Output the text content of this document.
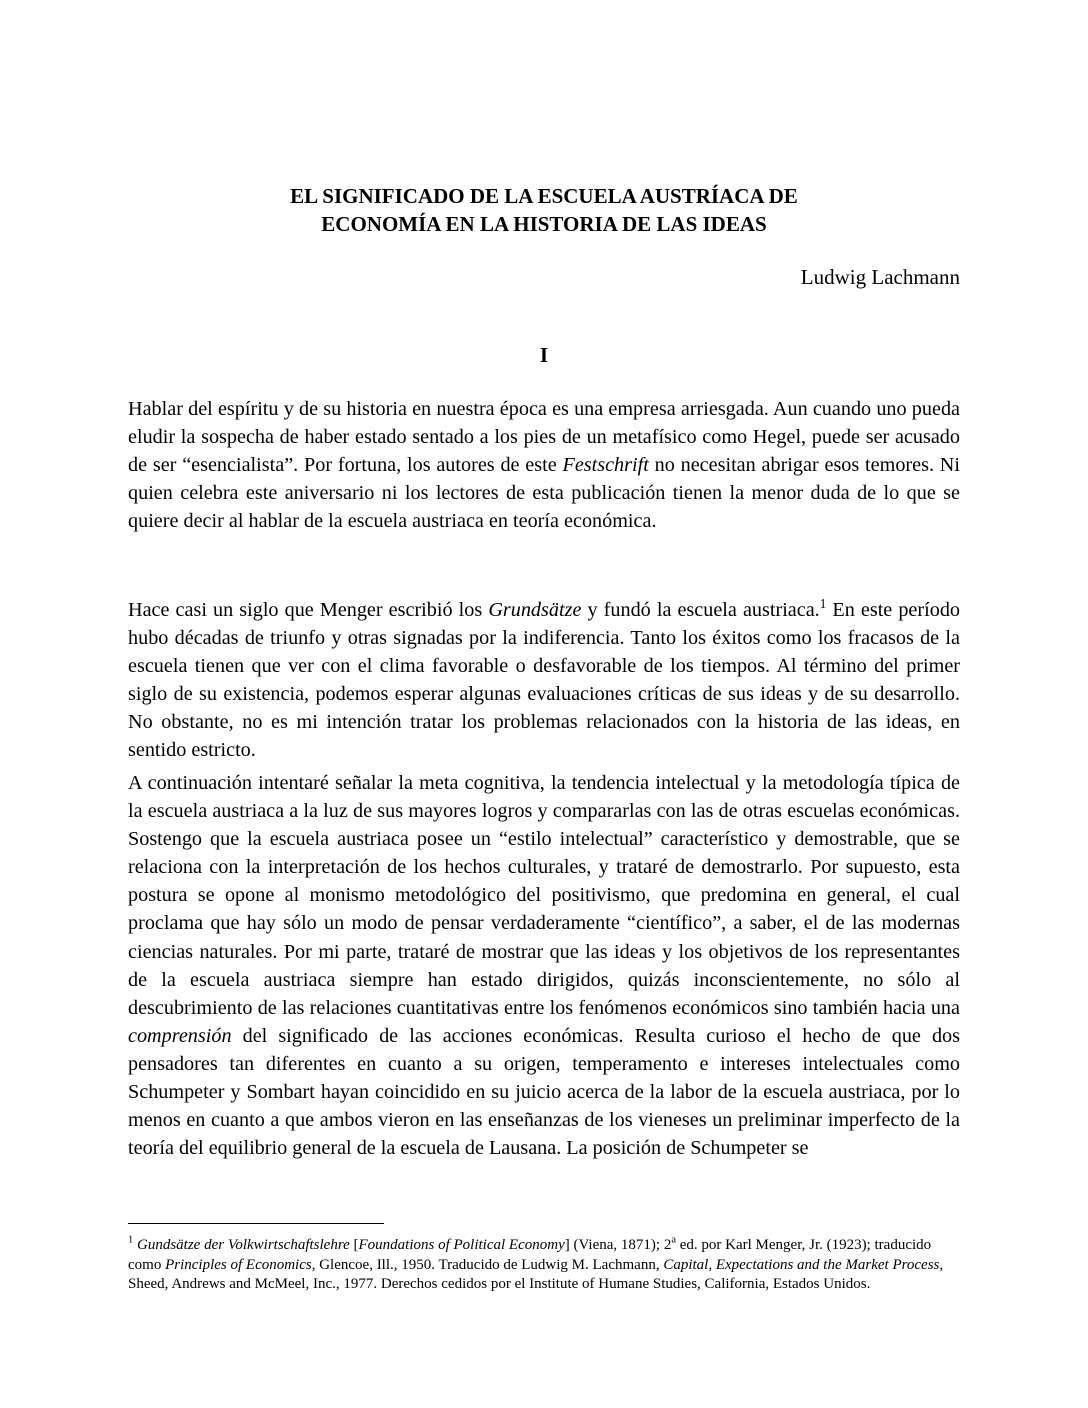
EL SIGNIFICADO DE LA ESCUELA AUSTRÍACA DE
ECONOMÍA EN LA HISTORIA DE LAS IDEAS
Ludwig Lachmann
I

Hablar del espíritu y de su historia en nuestra época es una empresa arriesgada. Aun cuando uno pueda eludir la sospecha de haber estado sentado a los pies de un metafísico como Hegel, puede ser acusado de ser “esencialista”. Por fortuna, los autores de este Festschrift no necesitan abrigar esos temores. Ni quien celebra este aniversario ni los lectores de esta publicación tienen la menor duda de lo que se quiere decir al hablar de la escuela austriaca en teoría económica.

Hace casi un siglo que Menger escribió los Grundsätze y fundó la escuela austriaca.$^1$ En este período hubo décadas de triunfo y otras signadas por la indiferencia. Tanto los éxitos como los fracasos de la escuela tienen que ver con el clima favorable o desfavorable de los tiempos. Al término del primer siglo de su existencia, podemos esperar algunas evaluaciones críticas de sus ideas y de su desarrollo. No obstante, no es mi intención tratar los problemas relacionados con la historia de las ideas, en sentido estricto.

A continuación intentaré señalar la meta cognitiva, la tendencia intelectual y la metodología típica de la escuela austriaca a la luz de sus mayores logros y compararlas con las de otras escuelas económicas. Sostengo que la escuela austriaca posee un “estilo intelectual” característico y demostrable, que se relaciona con la interpretación de los hechos culturales, y trataré de demostrarlo. Por supuesto, esta postura se opone al monismo metodológico del positivismo, que predomina en general, el cual proclama que hay sólo un modo de pensar verdaderamente “científico”, a saber, el de las modernas ciencias naturales. Por mi parte, trataré de mostrar que las ideas y los objetivos de los representantes de la escuela austriaca siempre han estado dirigidos, quizás inconscientemente, no sólo al descubrimiento de las relaciones cuantitativas entre los fenómenos económicos sino también hacia una comprensión del significado de las acciones económicas. Resulta curioso el hecho de que dos pensadores tan diferentes en cuanto a su origen, temperamento e intereses intelectuales como Schumpeter y Sombart hayan coincidido en su juicio acerca de la labor de la escuela austriaca, por lo menos en cuanto a que ambos vieron en las enseñanzas de los vieneses un preliminar imperfecto de la teoría del equilibrio general de la escuela de Lausana. La posición de Schumpeter se

$^1$ Gundsätze der Volkwirtschaftslehre [Foundations of Political Economy] (Viena, 1871); 2$^a$ ed. por Karl Menger, Jr. (1923); traducido como Principles of Economics, Glencoe, Ill., 1950. Traducido de Ludwig M. Lachmann, Capital, Expectations and the Market Process, Sheed, Andrews and McMeel, Inc., 1977. Derechos cedidos por el Institute of Humane Studies, California, Estados Unidos.
